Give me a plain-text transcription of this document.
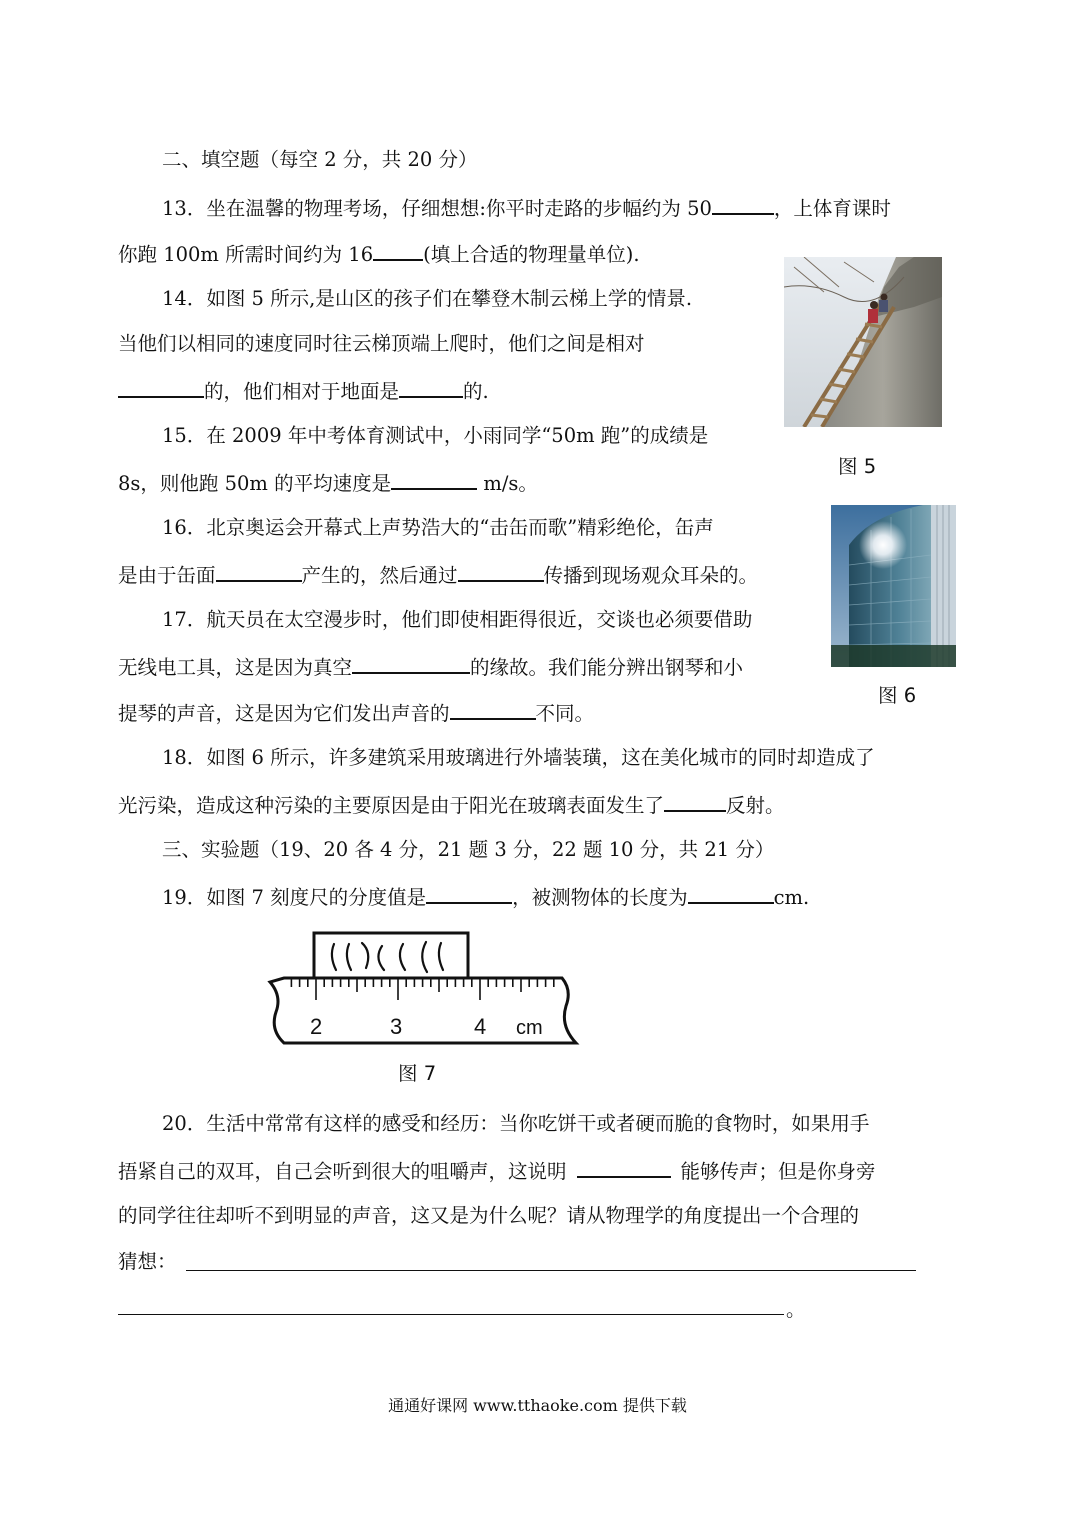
二、填空题（每空 2 分，共 20 分）
13．坐在温馨的物理考场，仔细想想:你平时走路的步幅约为 50	，上体育课时
你跑 100m 所需时间约为 16	(填上合适的物理量单位).
14．如图 5 所示,是山区的孩子们在攀登木制云梯上学的情景.
当他们以相同的速度同时往云梯顶端上爬时，他们之间是相对
的，他们相对于地面是	的.
图 5
15．在 2009 年中考体育测试中，小雨同学“50m 跑”的成绩是
8s，则他跑 50m 的平均速度是	m/s。
16．北京奥运会开幕式上声势浩大的“击缶而歌”精彩绝伦，缶声
是由于缶面	产生的，然后通过	传播到现场观众耳朵的。
图 6
17．航天员在太空漫步时，他们即使相距得很近，交谈也必须要借助
无线电工具，这是因为真空	的缘故。我们能分辨出钢琴和小
提琴的声音，这是因为它们发出声音的	不同。
18．如图 6 所示，许多建筑采用玻璃进行外墙装璜，这在美化城市的同时却造成了
光污染，造成这种污染的主要原因是由于阳光在玻璃表面发生了	反射。
三、实验题（19、20 各 4 分，21 题 3 分，22 题 10 分，共 21 分）
19．如图 7 刻度尺的分度值是	，被测物体的长度为	cm.
2	3	4 cm
图 7
20．生活中常常有这样的感受和经历：当你吃饼干或者硬而脆的食物时，如果用手
捂紧自己的双耳，自己会听到很大的咀嚼声，这说明	能够传声；但是你身旁
的同学往往却听不到明显的声音，这又是为什么呢？请从物理学的角度提出一个合理的
猜想：
。
通通好课网 www.tthaoke.com 提供下载
